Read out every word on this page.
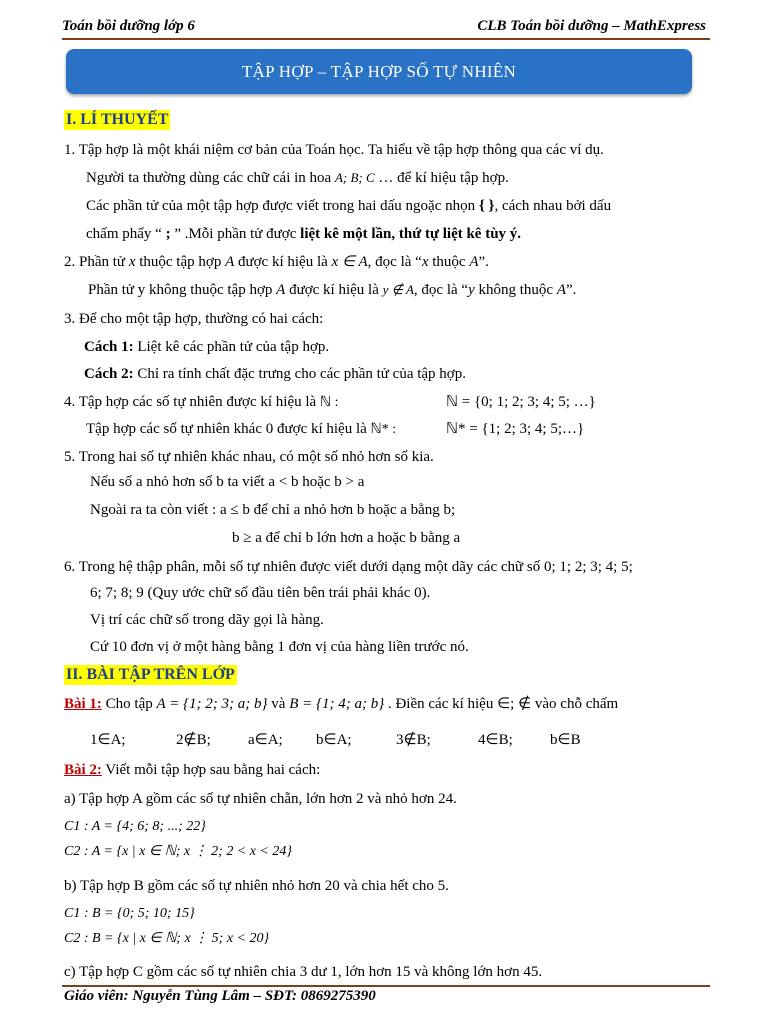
Toán bồi dưỡng lớp 6	CLB Toán bồi dưỡng – MathExpress
TẬP HỢP – TẬP HỢP SỐ TỰ NHIÊN
I. LÍ THUYẾT
1. Tập hợp là một khái niệm cơ bản của Toán học. Ta hiểu về tập hợp thông qua các ví dụ.
Người ta thường dùng các chữ cái in hoa A; B; C … để kí hiệu tập hợp.
Các phần tử của một tập hợp được viết trong hai dấu ngoặc nhọn { }, cách nhau bởi dấu
chấm phẩy “ ; ” .Mỗi phần tử được liệt kê một lần, thứ tự liệt kê tùy ý.
2. Phần tử x thuộc tập hợp A được kí hiệu là x ∈ A, đọc là “x thuộc A”.
Phần tử y không thuộc tập hợp A được kí hiệu là y ∉ A, đọc là “y không thuộc A”.
3. Để cho một tập hợp, thường có hai cách:
Cách 1: Liệt kê các phần tử của tập hợp.
Cách 2: Chỉ ra tính chất đặc trưng cho các phần tử của tập hợp.
4. Tập hợp các số tự nhiên được kí hiệu là ℕ :	ℕ = {0; 1; 2; 3; 4; 5; …}
Tập hợp các số tự nhiên khác 0 được kí hiệu là ℕ* :	ℕ* = {1; 2; 3; 4; 5;…}
5. Trong hai số tự nhiên khác nhau, có một số nhỏ hơn số kia.
Nếu số a nhỏ hơn số b ta viết a < b hoặc b > a
Ngoài ra ta còn viết : a ≤ b để chỉ a nhỏ hơn b hoặc a bằng b;
b ≥ a để chỉ b lớn hơn a hoặc b bằng a
6. Trong hệ thập phân, mỗi số tự nhiên được viết dưới dạng một dãy các chữ số 0; 1; 2; 3; 4; 5;
6; 7; 8; 9 (Quy ước chữ số đầu tiên bên trái phải khác 0).
Vị trí các chữ số trong dãy gọi là hàng.
Cứ 10 đơn vị ở một hàng bằng 1 đơn vị của hàng liền trước nó.
II. BÀI TẬP TRÊN LỚP
Bài 1: Cho tập A = {1; 2; 3; a; b} và B = {1; 4; a; b} . Điền các kí hiệu ∈; ∉ vào chỗ chấm
1∈A;	2∉B; a∈A; b∈A;	3∉B;	4∈B; b∈B
Bài 2: Viết mỗi tập hợp sau bằng hai cách:
a) Tập hợp A gồm các số tự nhiên chẵn, lớn hơn 2 và nhỏ hơn 24.
C1 : A = {4; 6; 8; ...; 22}
C2 : A = {x | x ∈ ℕ; x ⋮ 2; 2 < x < 24}
b) Tập hợp B gồm các số tự nhiên nhỏ hơn 20 và chia hết cho 5.
C1 : B = {0; 5; 10; 15}
C2 : B = {x | x ∈ ℕ; x ⋮ 5; x < 20}
c) Tập hợp C gồm các số tự nhiên chia 3 dư 1, lớn hơn 15 và không lớn hơn 45.
Giáo viên: Nguyễn Tùng Lâm – SĐT: 0869275390
